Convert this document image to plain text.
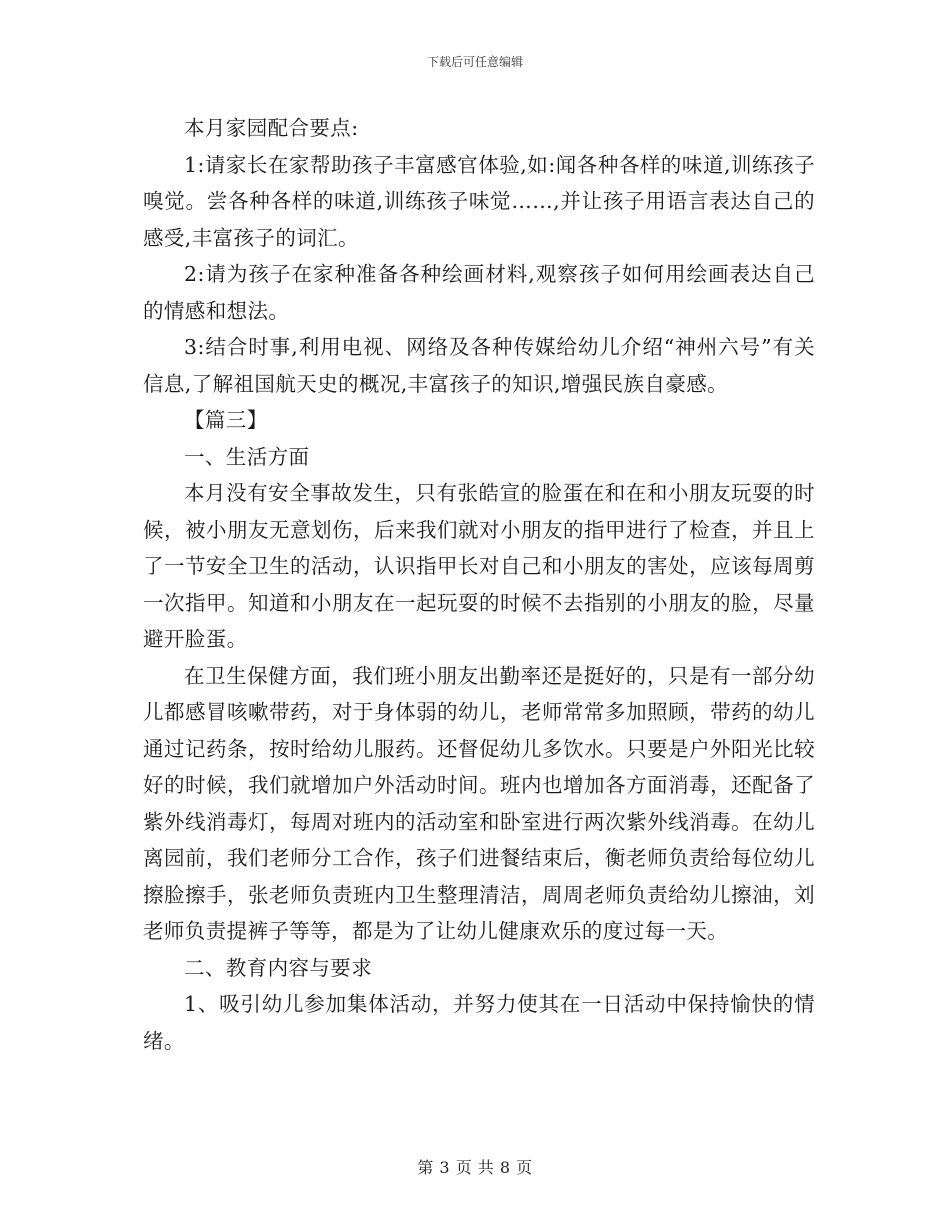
下载后可任意编辑

本月家园配合要点:

1:请家长在家帮助孩子丰富感官体验,如:闻各种各样的味道,训练孩子嗅觉。尝各种各样的味道,训练孩子味觉……,并让孩子用语言表达自己的感受,丰富孩子的词汇。

2:请为孩子在家种准备各种绘画材料,观察孩子如何用绘画表达自己的情感和想法。

3:结合时事,利用电视、网络及各种传媒给幼儿介绍“神州六号”有关信息,了解祖国航天史的概况,丰富孩子的知识,增强民族自豪感。

【篇三】

一、生活方面

本月没有安全事故发生，只有张皓宣的脸蛋在和在和小朋友玩耍的时候，被小朋友无意划伤，后来我们就对小朋友的指甲进行了检查，并且上了一节安全卫生的活动，认识指甲长对自己和小朋友的害处，应该每周剪一次指甲。知道和小朋友在一起玩耍的时候不去指别的小朋友的脸，尽量避开脸蛋。

在卫生保健方面，我们班小朋友出勤率还是挺好的，只是有一部分幼儿都感冒咳嗽带药，对于身体弱的幼儿，老师常常多加照顾，带药的幼儿通过记药条，按时给幼儿服药。还督促幼儿多饮水。只要是户外阳光比较好的时候，我们就增加户外活动时间。班内也增加各方面消毒，还配备了紫外线消毒灯，每周对班内的活动室和卧室进行两次紫外线消毒。在幼儿离园前，我们老师分工合作，孩子们进餐结束后，衡老师负责给每位幼儿擦脸擦手，张老师负责班内卫生整理清洁，周周老师负责给幼儿擦油，刘老师负责提裤子等等，都是为了让幼儿健康欢乐的度过每一天。

二、教育内容与要求

1、吸引幼儿参加集体活动，并努力使其在一日活动中保持愉快的情绪。

第 3 页 共 8 页
